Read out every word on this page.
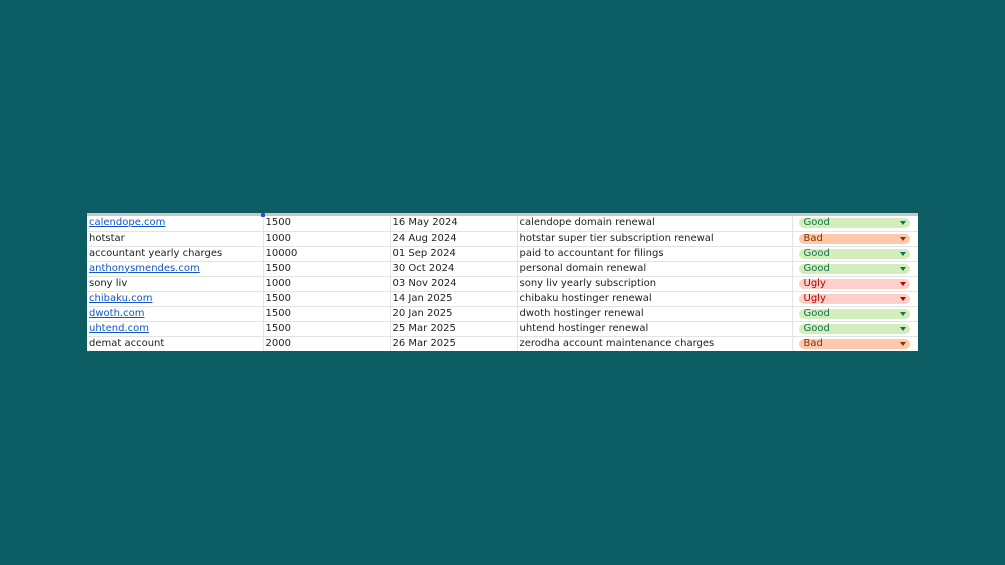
calendope.com	1500	16 May 2024	calendope domain renewal	Good

hotstar	1000	24 Aug 2024	hotstar super tier subscription renewal	Bad

accountant yearly charges	10000	01 Sep 2024	paid to accountant for filings	Good

anthonysmendes.com	1500	30 Oct 2024	personal domain renewal	Good

sony liv	1000	03 Nov 2024	sony liv yearly subscription	Ugly

chibaku.com	1500	14 Jan 2025	chibaku hostinger renewal	Ugly

dwoth.com	1500	20 Jan 2025	dwoth hostinger renewal	Good

uhtend.com	1500	25 Mar 2025	uhtend hostinger renewal	Good

demat account	2000	26 Mar 2025	zerodha account maintenance charges	Bad
